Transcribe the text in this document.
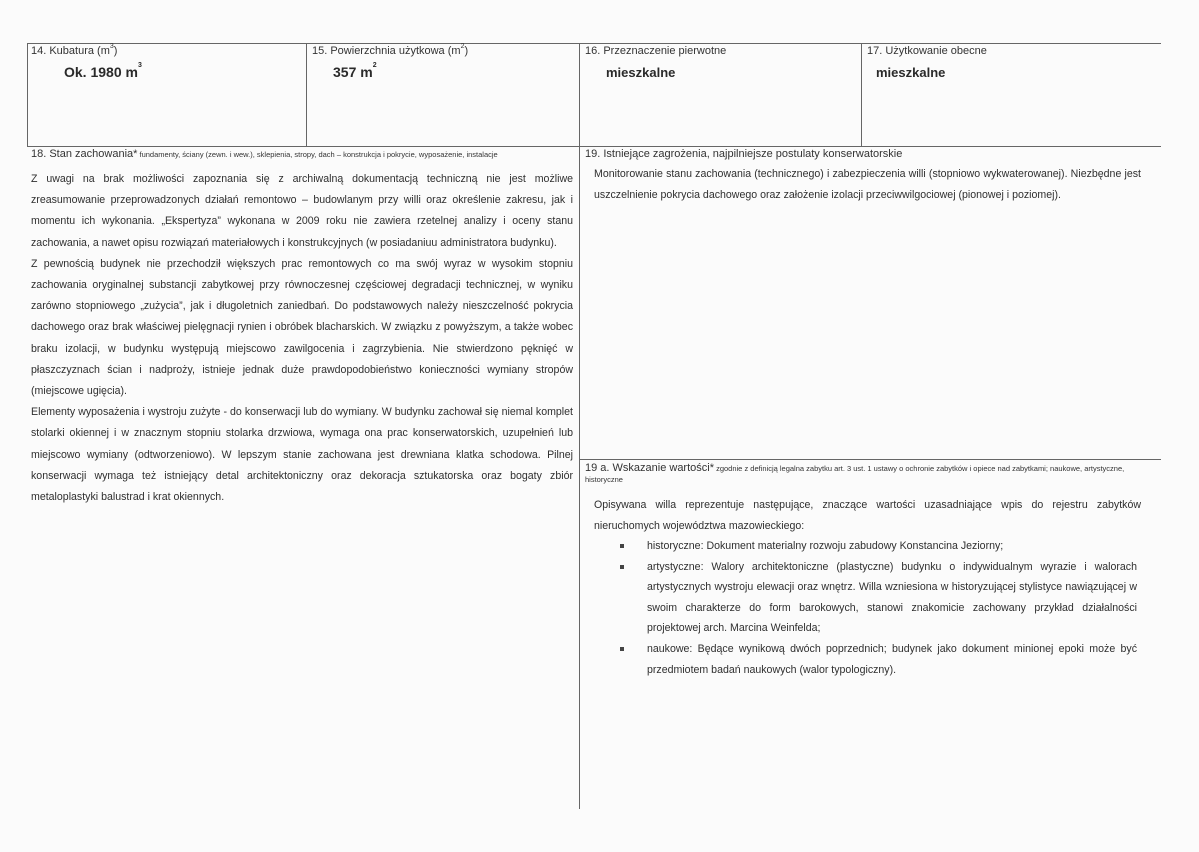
14. Kubatura $(m^3)$
Ok. 1980 $m^3$
15. Powierzchnia użytkowa $(m^2)$
357 $m^2$
16. Przeznaczenie pierwotne
mieszkalne
17. Użytkowanie obecne
mieszkalne
18. Stan zachowania* fundamenty, ściany (zewn. i wew.), sklepienia, stropy, dach – konstrukcja i pokrycie, wyposażenie, instalacje

Z uwagi na brak możliwości zapoznania się z archiwalną dokumentacją techniczną nie jest możliwe zreasumowanie przeprowadzonych działań remontowo – budowlanym przy willi oraz określenie zakresu, jak i momentu ich wykonania. „Ekspertyza” wykonana w 2009 roku nie zawiera rzetelnej analizy i oceny stanu zachowania, a nawet opisu rozwiązań materiałowych i konstrukcyjnych (w posiadaniuu administratora budynku).

Z pewnością budynek nie przechodził większych prac remontowych co ma swój wyraz w wysokim stopniu zachowania oryginalnej substancji zabytkowej przy równoczesnej częściowej degradacji technicznej, w wyniku zarówno stopniowego „zużycia”, jak i długoletnich zaniedbań. Do podstawowych należy nieszczelność pokrycia dachowego oraz brak właściwej pielęgnacji rynien i obróbek blacharskich. W związku z powyższym, a także wobec braku izolacji, w budynku występują miejscowo zawilgocenia i zagrzybienia. Nie stwierdzono pęknięć w płaszczyznach ścian i nadproży, istnieje jednak duże prawdopodobieństwo konieczności wymiany stropów (miejscowe ugięcia).

Elementy wyposażenia i wystroju zużyte - do konserwacji lub do wymiany. W budynku zachował się niemal komplet stolarki okiennej i w znacznym stopniu stolarka drzwiowa, wymaga ona prac konserwatorskich, uzupełnień lub miejscowo wymiany (odtworzeniowo). W lepszym stanie zachowana jest drewniana klatka schodowa. Pilnej konserwacji wymaga też istniejący detal architektoniczny oraz dekoracja sztukatorska oraz bogaty zbiór metaloplastyki balustrad i krat okiennych.

19. Istniejące zagrożenia, najpilniejsze postulaty konserwatorskie

Monitorowanie stanu zachowania (technicznego) i zabezpieczenia willi (stopniowo wykwaterowanej). Niezbędne jest uszczelnienie pokrycia dachowego oraz założenie izolacji przeciwwilgociowej (pionowej i poziomej).

19 a. Wskazanie wartości* zgodnie z definicją legalna zabytku art. 3 ust. 1 ustawy o ochronie zabytków i opiece nad zabytkami; naukowe, artystyczne, historyczne

Opisywana willa reprezentuje następujące, znaczące wartości uzasadniające wpis do rejestru zabytków nieruchomych województwa mazowieckiego:

historyczne: Dokument materialny rozwoju zabudowy Konstancina Jeziorny;
artystyczne: Walory architektoniczne (plastyczne) budynku o indywidualnym wyrazie i walorach artystycznych wystroju elewacji oraz wnętrz. Willa wzniesiona w historyzującej stylistyce nawiązującej w swoim charakterze do form barokowych, stanowi znakomicie zachowany przykład działalności projektowej arch. Marcina Weinfelda;
naukowe: Będące wynikową dwóch poprzednich; budynek jako dokument minionej epoki może być przedmiotem badań naukowych (walor typologiczny).
